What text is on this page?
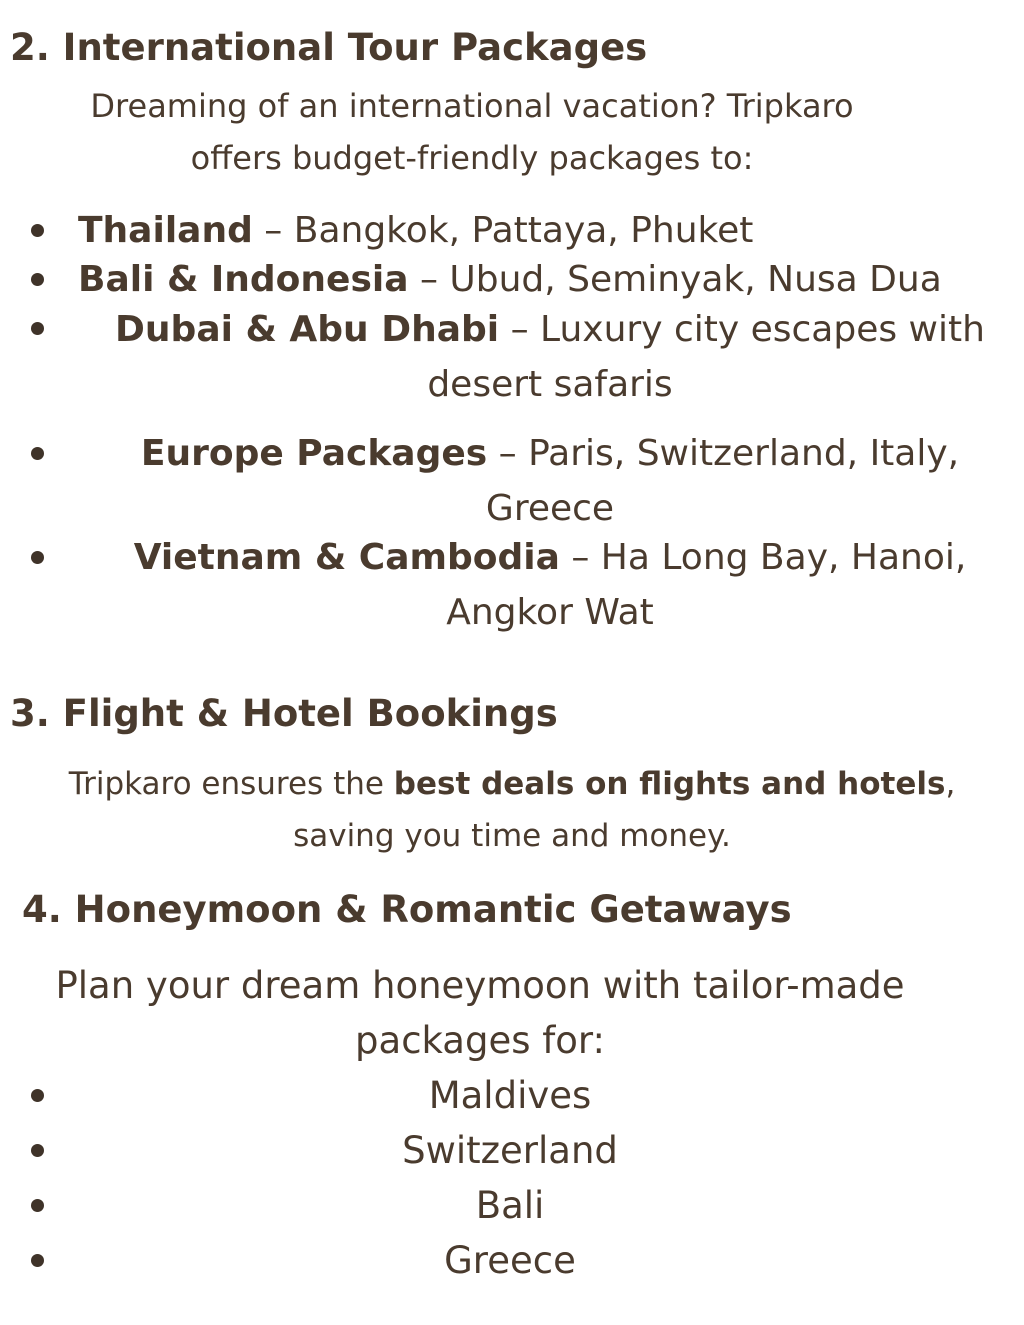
2. International Tour Packages
Dreaming of an international vacation? Tripkaro
offers budget-friendly packages to:
Thailand – Bangkok, Pattaya, Phuket
Bali & Indonesia – Ubud, Seminyak, Nusa Dua
Dubai & Abu Dhabi – Luxury city escapes with
desert safaris
Europe Packages – Paris, Switzerland, Italy,
Greece
Vietnam & Cambodia – Ha Long Bay, Hanoi,
Angkor Wat
3. Flight & Hotel Bookings
Tripkaro ensures the best deals on flights and hotels,
saving you time and money.
4. Honeymoon & Romantic Getaways
Plan your dream honeymoon with tailor-made
packages for:
Maldives
Switzerland
Bali
Greece
